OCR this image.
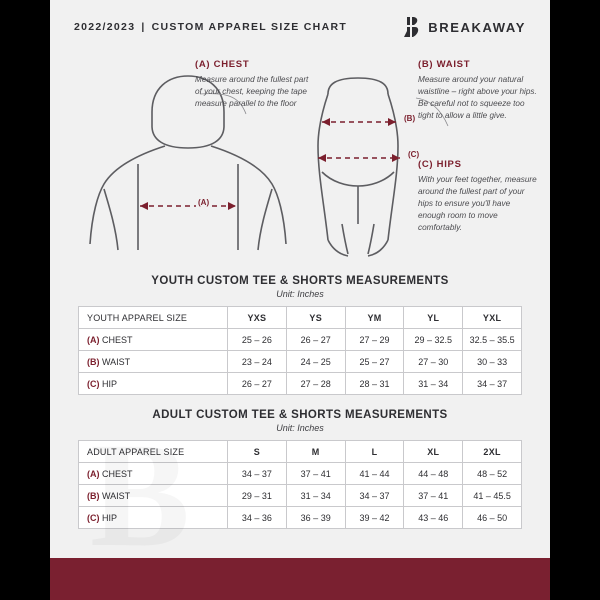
2022/2023 | CUSTOM APPAREL SIZE CHART	BREAKAWAY
(A)
(B)
(C)
(A) CHEST
Measure around the fullest part of your chest, keeping the tape measure parallel to the floor
(B) WAIST
Measure around your natural waistline – right above your hips. Be careful not to squeeze too tight to allow a little give.
(C) HIPS
With your feet together, measure around the fullest part of your hips to ensure you'll have enough room to move comfortably.
YOUTH CUSTOM TEE & SHORTS MEASUREMENTS
Unit: Inches
YOUTH APPAREL SIZE	YXS	YS	YM	YL	YXL
(A) CHEST	25 – 26	26 – 27	27 – 29	29 – 32.5	32.5 – 35.5
(B) WAIST	23 – 24	24 – 25	25 – 27	27 – 30	30 – 33
(C) HIP	26 – 27	27 – 28	28 – 31	31 – 34	34 – 37
ADULT CUSTOM TEE & SHORTS MEASUREMENTS
Unit: Inches
ADULT APPAREL SIZE	S	M	L	XL	2XL
(A) CHEST	34 – 37	37 – 41	41 – 44	44 – 48	48 – 52
(B) WAIST	29 – 31	31 – 34	34 – 37	37 – 41	41 – 45.5
(C) HIP	34 – 36	36 – 39	39 – 42	43 – 46	46 – 50
